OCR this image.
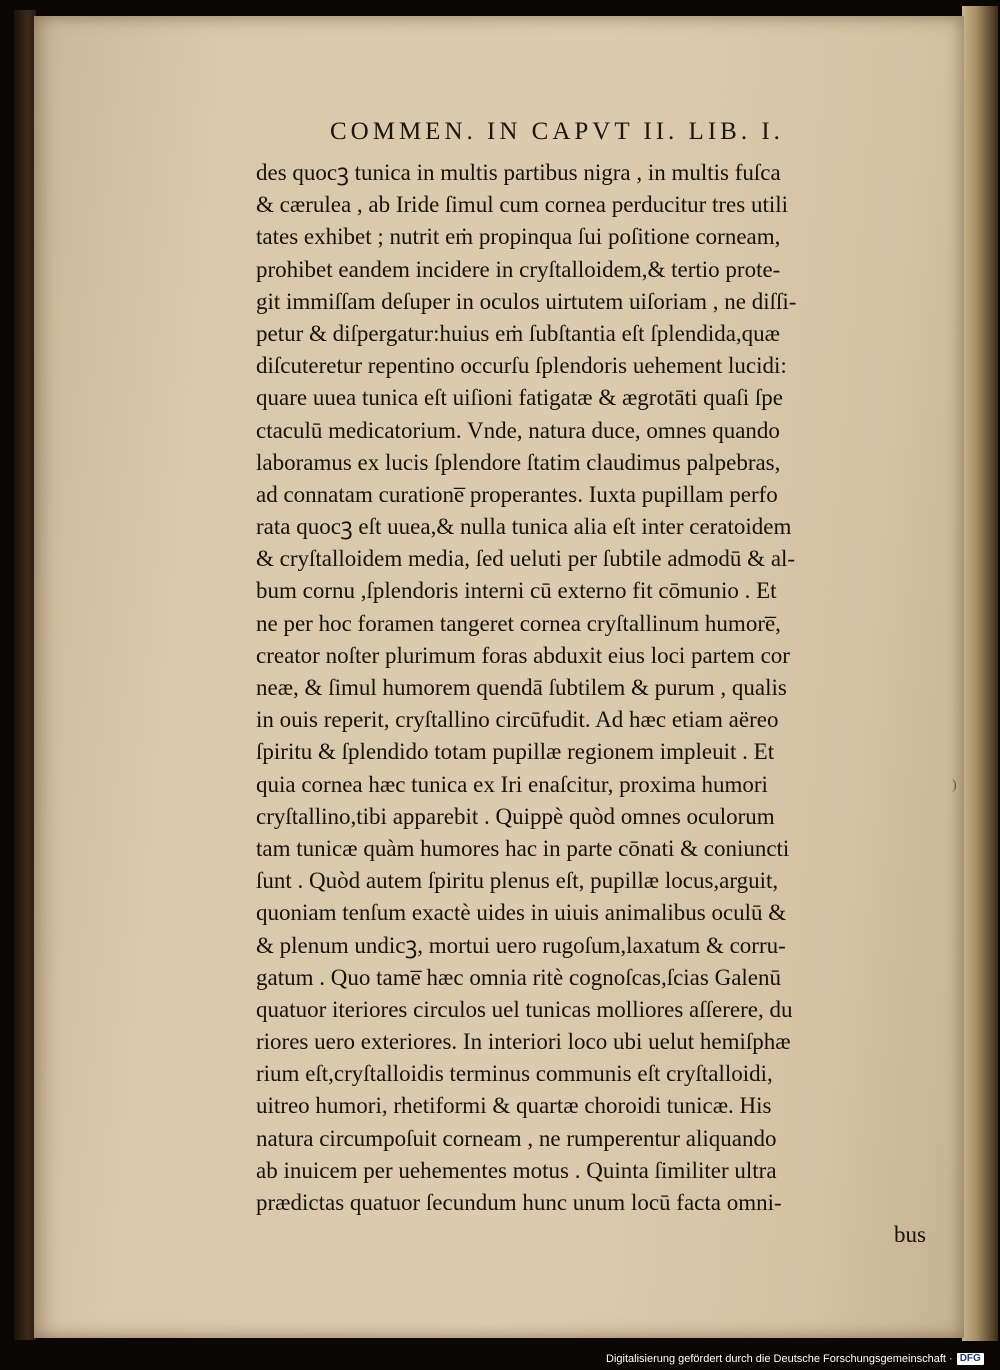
COMMEN. IN CAPVT II. LIB. I.
des quocꝫ tunica in multis partibus nigra , in multis fuſca
& cærulea , ab Iride ſimul cum cornea perducitur tres utili
tates exhibet ; nutrit eṁ propinqua ſui poſitione corneam,
prohibet eandem incidere in cryſtalloidem,& tertio prote-
git immiſſam deſuper in oculos uirtutem uiſoriam , ne diſſi-
petur & diſpergatur:huius eṁ ſubſtantia eſt ſplendida,quæ
diſcuteretur repentino occurſu ſplendoris uehement lucidi:
quare uuea tunica eſt uiſioni fatigatæ & ægrotāti quaſi ſpe
ctaculū medicatorium. Vnde, natura duce, omnes quando
laboramus ex lucis ſplendore ſtatim claudimus palpebras,
ad connatam curatione̅ properantes. Iuxta pupillam perfo
rata quocꝫ eſt uuea,& nulla tunica alia eſt inter ceratoidem
& cryſtalloidem media, ſed ueluti per ſubtile admodū & al-
bum cornu ,ſplendoris interni cū externo fit cōmunio . Et
ne per hoc foramen tangeret cornea cryſtallinum humore̅,
creator noſter plurimum foras abduxit eius loci partem cor
neæ, & ſimul humorem quendā ſubtilem & purum , qualis
in ouis reperit, cryſtallino circūfudit. Ad hæc etiam aëreo
ſpiritu & ſplendido totam pupillæ regionem impleuit . Et
quia cornea hæc tunica ex Iri enaſcitur, proxima humori
cryſtallino,tibi apparebit . Quippè quòd omnes oculorum
tam tunicæ quàm humores hac in parte cōnati & coniuncti
ſunt . Quòd autem ſpiritu plenus eſt, pupillæ locus,arguit,
quoniam tenſum exactè uides in uiuis animalibus oculū &
& plenum undicꝫ, mortui uero rugoſum,laxatum & corru-
gatum . Quo tame̅ hæc omnia ritè cognoſcas,ſcias Galenū
quatuor iteriores circulos uel tunicas molliores aſſerere, du
riores uero exteriores. In interiori loco ubi uelut hemiſphæ
rium eſt,cryſtalloidis terminus communis eſt cryſtalloidi,
uitreo humori, rhetiformi & quartæ choroidi tunicæ. His
natura circumpoſuit corneam , ne rumperentur aliquando
ab inuicem per uehementes motus . Quinta ſimiliter ultra
prædictas quatuor ſecundum hunc unum locū facta omni-
bus
)
Digitalisierung gefördert durch die Deutsche Forschungsgemeinschaft · DFG
